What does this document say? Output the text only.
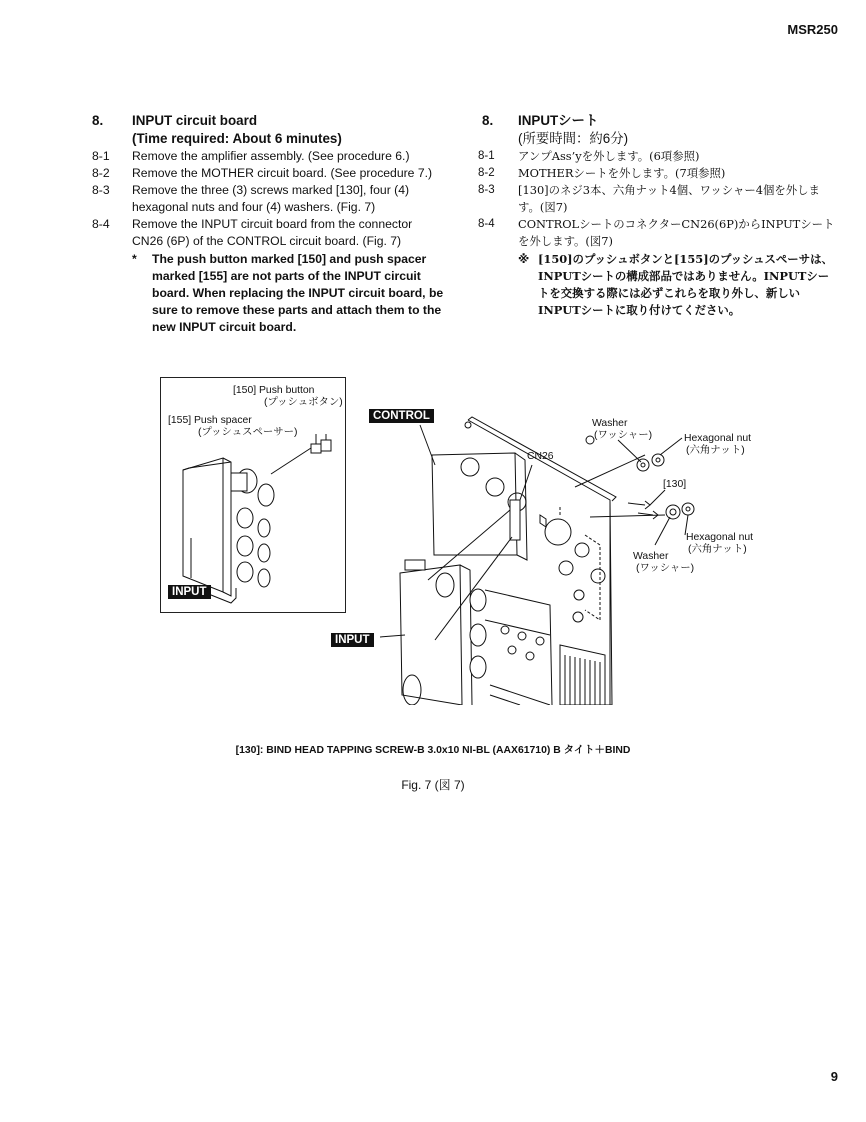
MSR250
8.	INPUT circuit board
(Time required: About 6 minutes)
8-1	Remove the amplifier assembly. (See procedure 6.)
8-2	Remove the MOTHER circuit board. (See procedure 7.)
8-3	Remove the three (3) screws marked [130], four (4) hexagonal nuts and four (4) washers. (Fig. 7)
8-4	Remove the INPUT circuit board from the connector CN26 (6P) of the CONTROL circuit board. (Fig. 7)
*	The push button marked [150] and push spacer marked [155] are not parts of the INPUT circuit board. When replacing the INPUT circuit board, be sure to remove these parts and attach them to the new INPUT circuit board.
8.	INPUTシート
(所要時間：約6分)
8-1	アンプAss’yを外します。(6項参照)
8-2	MOTHERシートを外します。(7項参照)
8-3	[130]のネジ3本、六角ナット4個、ワッシャー4個を外します。(図7)
8-4	CONTROLシートのコネクターCN26(6P)からINPUTシートを外します。(図7)
※ [150]のプッシュボタンと[155]のプッシュスペーサは、INPUTシートの構成部品ではありません。INPUTシートを交換する際には必ずこれらを取り外し、新しいINPUTシートに取り付けてください。
[150] Push button
(プッシュボタン)
[155] Push spacer
(プッシュスペーサー)
INPUT
CONTROL
INPUT
CN26
Washer
(ワッシャー)	Hexagonal nut
(六角ナット)
[130]
Hexagonal nut
(六角ナット)
Washer
(ワッシャー)
[130]: BIND HEAD TAPPING SCREW-B 3.0x10 NI-BL (AAX61710) B タイト＋BIND
Fig. 7 (図 7)
9
